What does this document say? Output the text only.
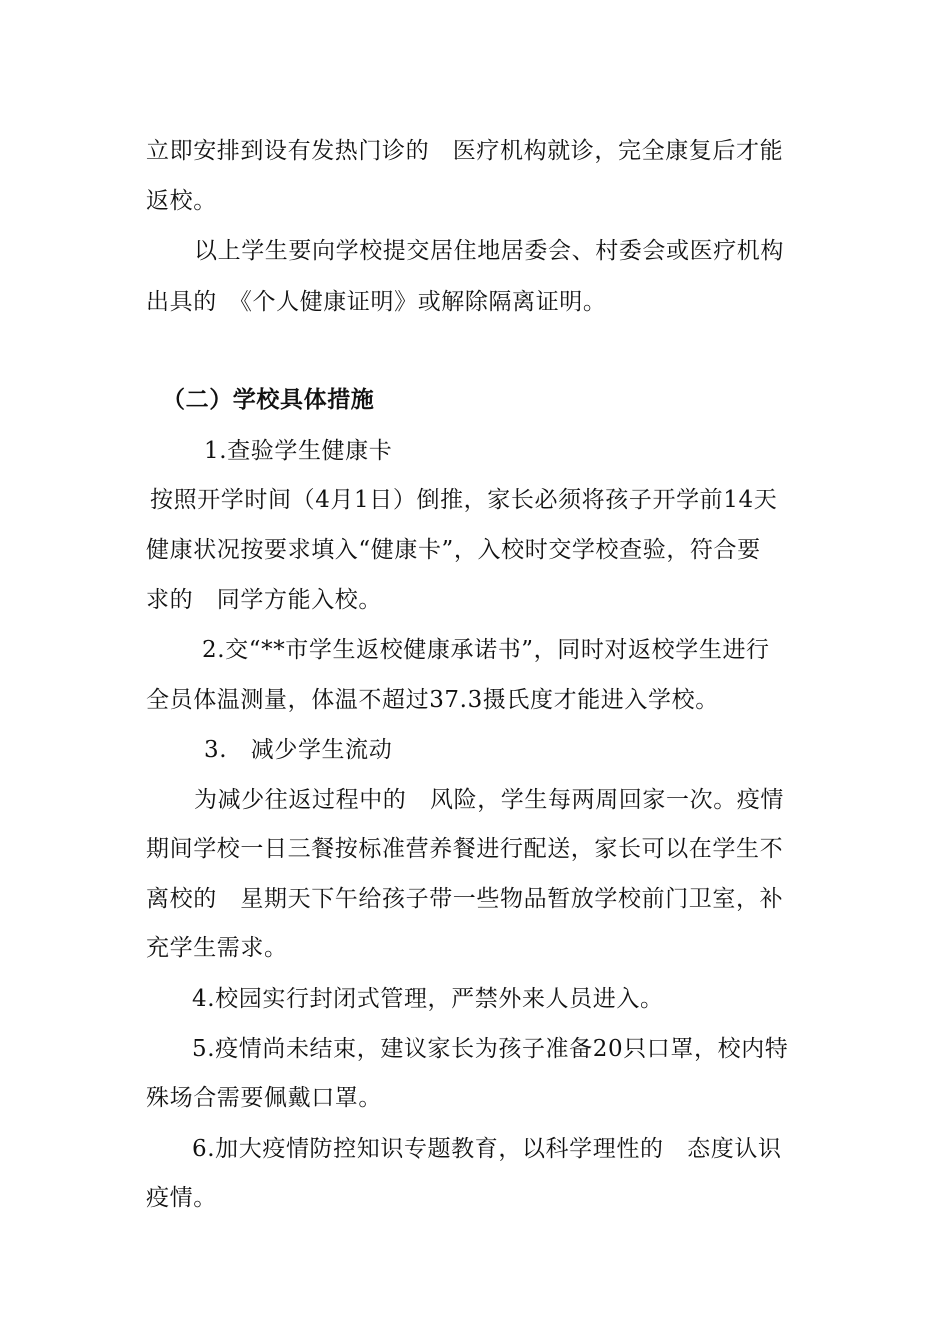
立即安排到设有发热门诊的　医疗机构就诊，完全康复后才能
返校。
以上学生要向学校提交居住地居委会、村委会或医疗机构
出具的　《个人健康证明》或解除隔离证明。
（二）学校具体措施
1.查验学生健康卡
按照开学时间（4月1日）倒推，家长必须将孩子开学前14天
健康状况按要求填入“健康卡”，入校时交学校查验，符合要
求的　同学方能入校。
2.交“**市学生返校健康承诺书”，同时对返校学生进行
全员体温测量，体温不超过37.3摄氏度才能进入学校。
3.　减少学生流动
为减少往返过程中的　风险，学生每两周回家一次。疫情
期间学校一日三餐按标准营养餐进行配送，家长可以在学生不
离校的　星期天下午给孩子带一些物品暂放学校前门卫室，补
充学生需求。
4.校园实行封闭式管理，严禁外来人员进入。
5.疫情尚未结束，建议家长为孩子准备20只口罩，校内特
殊场合需要佩戴口罩。
6.加大疫情防控知识专题教育，以科学理性的　态度认识
疫情。
